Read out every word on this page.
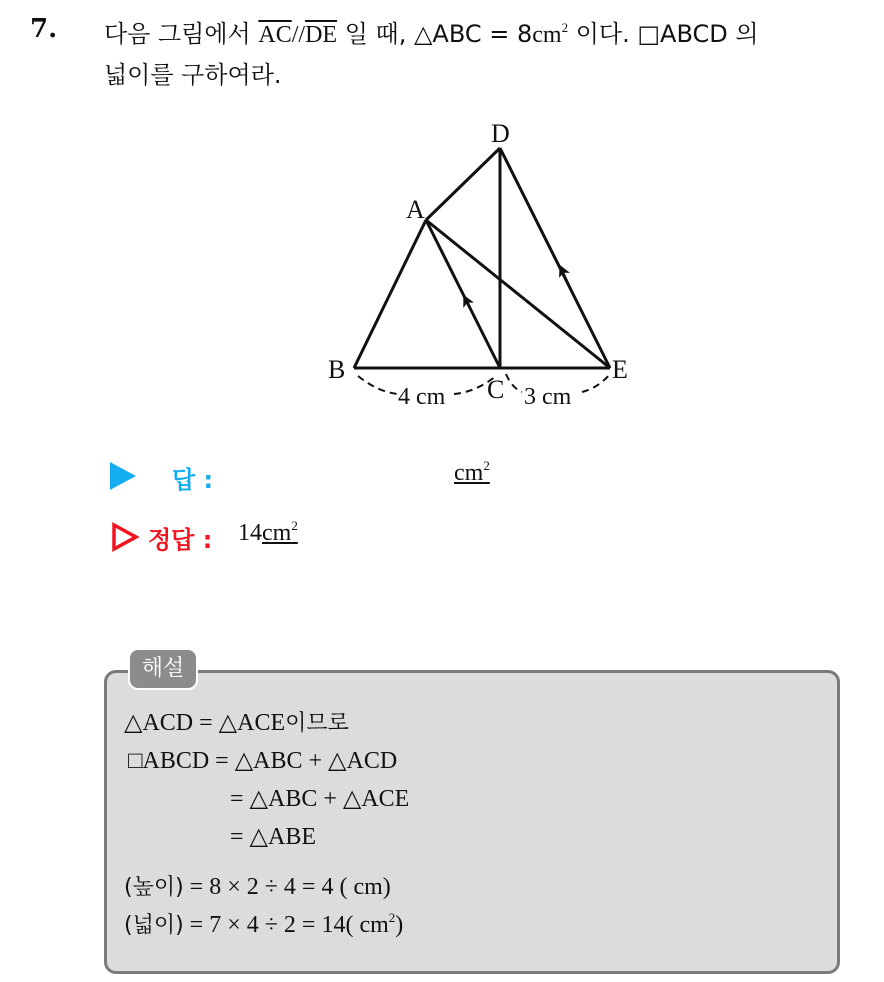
7. 다음 그림에서 $\overline{AC}//\overline{DE}$ 일 때, △ABC = $8cm^2$ 이다. □ABCD 의
넓이를 구하여라.
D
A
B
C
E
4 cm	3 cm
답 :	$cm^2$
정답 : $14cm^2$
해설
△ACD = △ACE이므로
□ABCD = △ABC + △ACD
= △ABC + △ACE
= △ABE
(높이) = 8 × 2 ÷ 4 = 4 ( cm)
(넓이) = 7 × 4 ÷ 2 = 14( $cm^2$)
